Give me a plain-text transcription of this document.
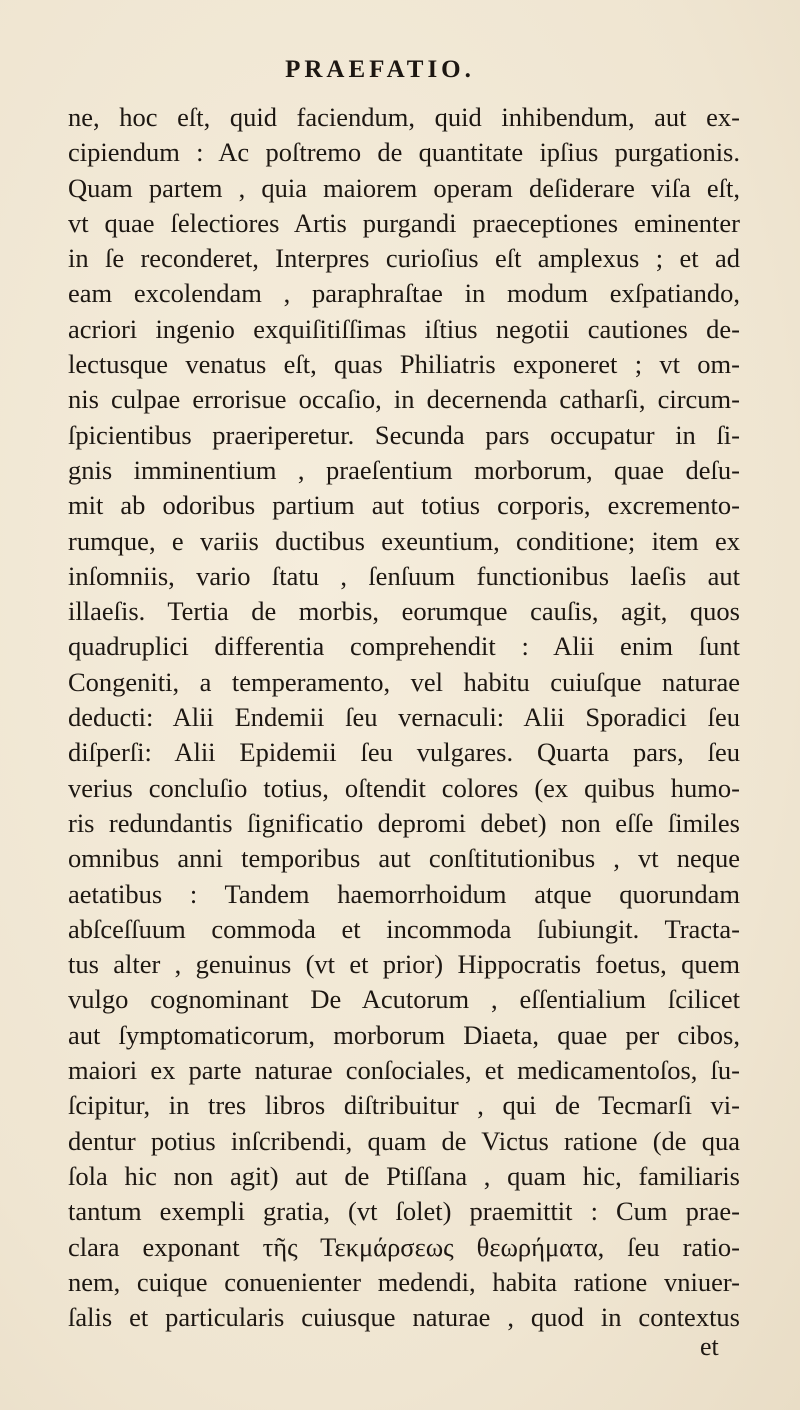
PRAEFATIO.
ne, hoc eſt, quid faciendum, quid inhibendum, aut ex-
cipiendum : Ac poſtremo de quantitate ipſius purgationis.
Quam partem , quia maiorem operam deſiderare viſa eſt,
vt quae ſelectiores Artis purgandi praeceptiones eminenter
in ſe reconderet, Interpres curioſius eſt amplexus ; et ad
eam excolendam , paraphraſtae in modum exſpatiando,
acriori ingenio exquiſitiſſimas iſtius negotii cautiones de-
lectusque venatus eſt, quas Philiatris exponeret ; vt om-
nis culpae errorisue occaſio, in decernenda catharſi, circum-
ſpicientibus praeriperetur. Secunda pars occupatur in ſi-
gnis imminentium , praeſentium morborum, quae deſu-
mit ab odoribus partium aut totius corporis, excremento-
rumque, e variis ductibus exeuntium, conditione; item ex
inſomniis, vario ſtatu , ſenſuum functionibus laeſis aut
illaeſis. Tertia de morbis, eorumque cauſis, agit, quos
quadruplici differentia comprehendit : Alii enim ſunt
Congeniti, a temperamento, vel habitu cuiuſque naturae
deducti: Alii Endemii ſeu vernaculi: Alii Sporadici ſeu
diſperſi: Alii Epidemii ſeu vulgares. Quarta pars, ſeu
verius concluſio totius, oſtendit colores (ex quibus humo-
ris redundantis ſignificatio depromi debet) non eſſe ſimiles
omnibus anni temporibus aut conſtitutionibus , vt neque
aetatibus : Tandem haemorrhoidum atque quorundam
abſceſſuum commoda et incommoda ſubiungit. Tracta-
tus alter , genuinus (vt et prior) Hippocratis foetus, quem
vulgo cognominant De Acutorum , eſſentialium ſcilicet
aut ſymptomaticorum, morborum Diaeta, quae per cibos,
maiori ex parte naturae conſociales, et medicamentoſos, ſu-
ſcipitur, in tres libros diſtribuitur , qui de Tecmarſi vi-
dentur potius inſcribendi, quam de Victus ratione (de qua
ſola hic non agit) aut de Ptiſſana , quam hic, familiaris
tantum exempli gratia, (vt ſolet) praemittit : Cum prae-
clara exponant τῆς Τεκμάρσεως θεωρήματα, ſeu ratio-
nem, cuique conuenienter medendi, habita ratione vniuer-
ſalis et particularis cuiusque naturae , quod in contextus
et
